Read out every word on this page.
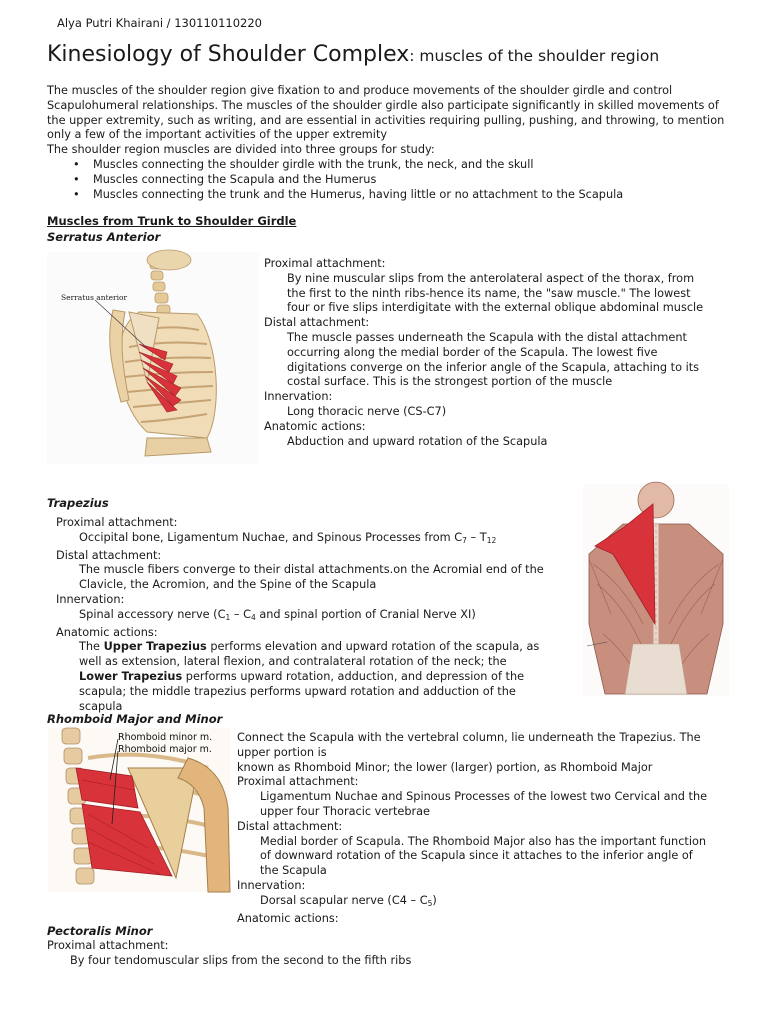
Alya Putri Khairani / 130110110220
Kinesiology of Shoulder Complex: muscles of the shoulder region

The muscles of the shoulder region give fixation to and produce movements of the shoulder girdle and control Scapulohumeral relationships. The muscles of the shoulder girdle also participate significantly in skilled movements of the upper extremity, such as writing, and are essential in activities requiring pulling, pushing, and throwing, to mention only a few of the important activities of the upper extremity

The shoulder region muscles are divided into three groups for study:

• Muscles connecting the shoulder girdle with the trunk, the neck, and the skull
• Muscles connecting the Scapula and the Humerus
• Muscles connecting the trunk and the Humerus, having little or no attachment to the Scapula
Muscles from Trunk to Shoulder Girdle
Serratus Anterior
Serratus anterior

Proximal attachment:

By nine muscular slips from the anterolateral aspect of the thorax, from the first to the ninth ribs-hence its name, the "saw muscle." The lowest four or five slips interdigitate with the external oblique abdominal muscle

Distal attachment:

The muscle passes underneath the Scapula with the distal attachment occurring along the medial border of the Scapula. The lowest five digitations converge on the inferior angle of the Scapula, attaching to its costal surface. This is the strongest portion of the muscle

Innervation:

Long thoracic nerve (CS-C7)

Anatomic actions:

Abduction and upward rotation of the Scapula

Trapezius

Proximal attachment:

Occipital bone, Ligamentum Nuchae, and Spinous Processes from $C_7 - T_{12}$

Distal attachment:

The muscle fibers converge to their distal attachments.on the Acromial end of the Clavicle, the Acromion, and the Spine of the Scapula

Innervation:

Spinal accessory nerve ($C_1 - C_4$ and spinal portion of Cranial Nerve XI)

Anatomic actions:

The Upper Trapezius performs elevation and upward rotation of the scapula, as well as extension, lateral flexion, and contralateral rotation of the neck; the Lower Trapezius performs upward rotation, adduction, and depression of the scapula; the middle trapezius performs upward rotation and adduction of the scapula

Rhomboid Major and Minor
Rhomboid minor m.
Rhomboid major m.

Connect the Scapula with the vertebral column, lie underneath the Trapezius. The upper portion is

known as Rhomboid Minor; the lower (larger) portion, as Rhomboid Major

Proximal attachment:

Ligamentum Nuchae and Spinous Processes of the lowest two Cervical and the upper four Thoracic vertebrae

Distal attachment:

Medial border of Scapula. The Rhomboid Major also has the important function of downward rotation of the Scapula since it attaches to the inferior angle of the Scapula

Innervation:

Dorsal scapular nerve $(C4 - C_5)$

Anatomic actions:

Pectoralis Minor

Proximal attachment:

By four tendomuscular slips from the second to the fifth ribs
